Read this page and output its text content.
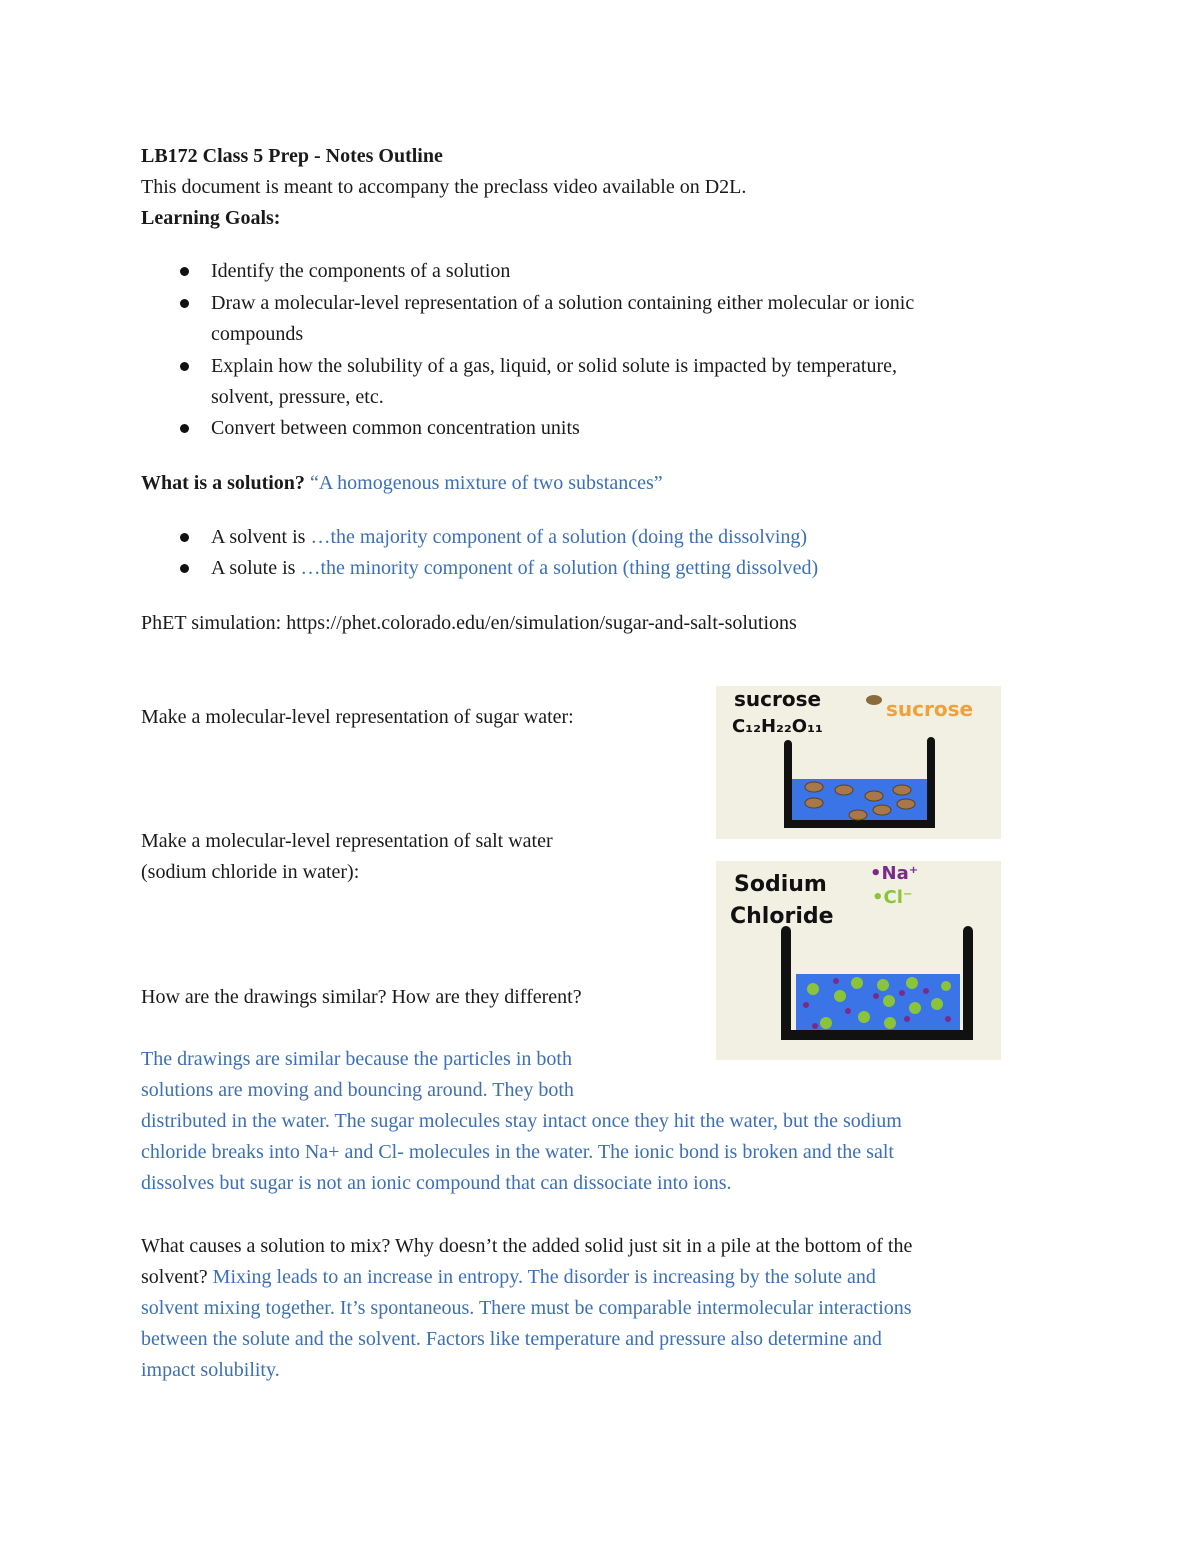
LB172 Class 5 Prep - Notes Outline
This document is meant to accompany the preclass video available on D2L.
Learning Goals:
Identify the components of a solution
Draw a molecular-level representation of a solution containing either molecular or ionic
compounds
Explain how the solubility of a gas, liquid, or solid solute is impacted by temperature,
solvent, pressure, etc.
Convert between common concentration units
What is a solution? “A homogenous mixture of two substances”
A solvent is …the majority component of a solution (doing the dissolving)
A solute is …the minority component of a solution (thing getting dissolved)
PhET simulation: https://phet.colorado.edu/en/simulation/sugar-and-salt-solutions
Make a molecular-level representation of sugar water:
Make a molecular-level representation of salt water
(sodium chloride in water):
How are the drawings similar? How are they different?
The drawings are similar because the particles in both
solutions are moving and bouncing around. They both
distributed in the water. The sugar molecules stay intact once they hit the water, but the sodium
chloride breaks into Na+ and Cl- molecules in the water. The ionic bond is broken and the salt
dissolves but sugar is not an ionic compound that can dissociate into ions.
What causes a solution to mix? Why doesn’t the added solid just sit in a pile at the bottom of the
solvent? Mixing leads to an increase in entropy. The disorder is increasing by the solute and
solvent mixing together. It’s spontaneous. There must be comparable intermolecular interactions
between the solute and the solvent. Factors like temperature and pressure also determine and
impact solubility.
sucrose
C₁₂H₂₂O₁₁
sucrose
Sodium
Chloride
•Na⁺
•Cl⁻
